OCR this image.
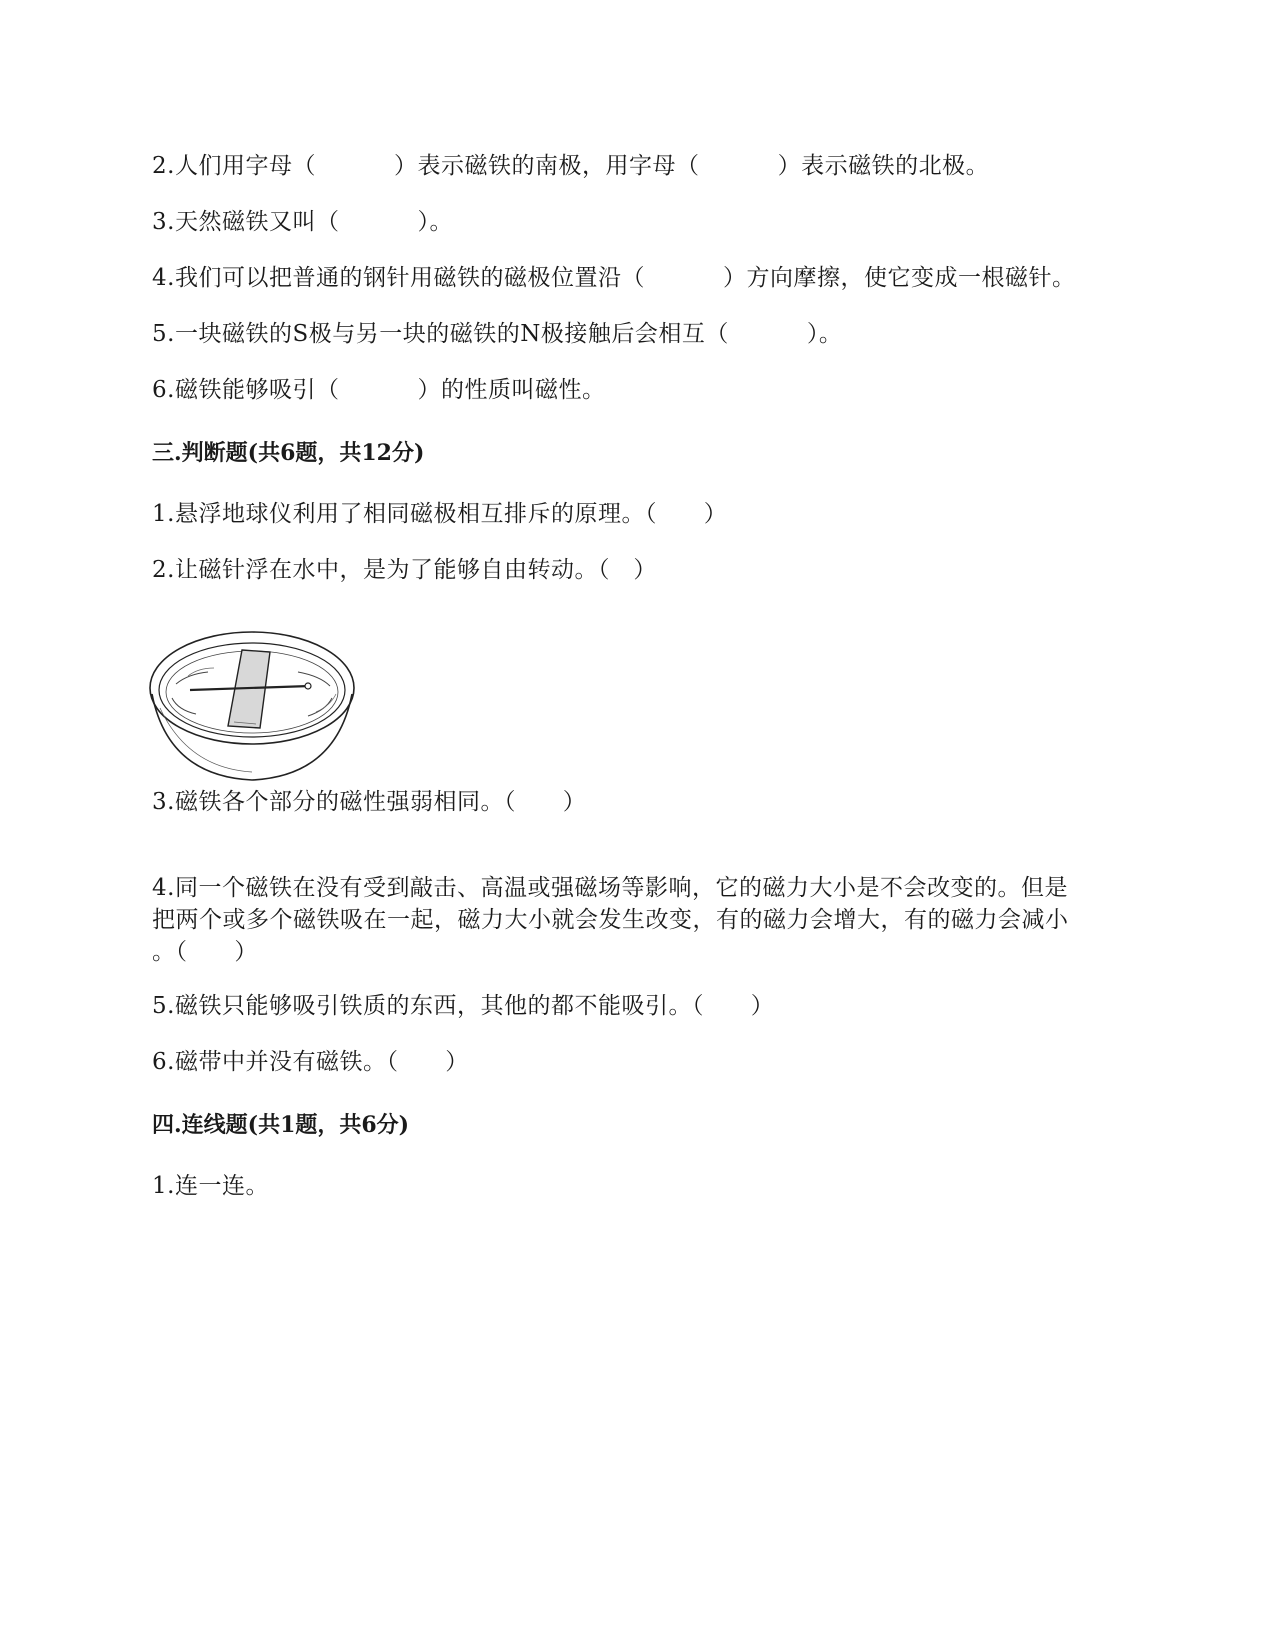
2.人们用字母（          ）表示磁铁的南极，用字母（          ）表示磁铁的北极。
3.天然磁铁又叫（          ）。
4.我们可以把普通的钢针用磁铁的磁极位置沿（          ）方向摩擦，使它变成一根磁针。
5.一块磁铁的S极与另一块的磁铁的N极接触后会相互（          ）。
6.磁铁能够吸引（          ）的性质叫磁性。
三.判断题(共6题，共12分)
1.悬浮地球仪利用了相同磁极相互排斥的原理。（      ）
2.让磁针浮在水中，是为了能够自由转动。（   ）
3.磁铁各个部分的磁性强弱相同。（      ）
4.同一个磁铁在没有受到敲击、高温或强磁场等影响，它的磁力大小是不会改变的。但是
把两个或多个磁铁吸在一起，磁力大小就会发生改变，有的磁力会增大，有的磁力会减小
。（      ）
5.磁铁只能够吸引铁质的东西，其他的都不能吸引。（      ）
6.磁带中并没有磁铁。（      ）
四.连线题(共1题，共6分)
1.连一连。
